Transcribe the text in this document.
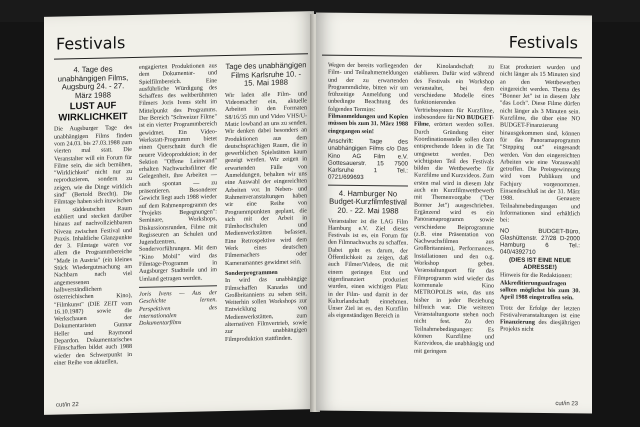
Festivals
4. Tage des unabhängigen Films, Augsburg 24. - 27. März 1988
LUST AUF WIRKLICHKEIT

Die Augsburger Tage des unabhängigen Films finden vom 24.03. bis 27.03.1988 zum vierten mal statt. Die Veranstalter will ein Forum für Filme sein, die sich bemühen, "Wirklichkeit" nicht nur zu reproduzieren, sondern zu zeigen, wie die Dinge wirklich sind" (Bertold Brecht). Die Filmtage haben sich inzwischen im süddeutschen Raum etabliert und stecken darüber hinaus auf nachvollziehbarem Niveau zwischen Festival und Praxis. Inhaltliche Glanzpunkte der 3. Filmtage waren vor allem die Programmbereiche "Made in Austria" (ein kleines Stück Wiedergutmachung am Nachbarn nach viel angemessenen halbverständlichem österreichischen Kino), "Filmkunst" (DIE ZEIT vom 16.10.1987) sowie die Werkschauen der Dokumentaristen Gunnar Heller und Raymond Depardon. Dokumentarisches Filmschaffen bildet auch 1988 wieder den Schwerpunkt in einer Reihe von aktuellen,

engagierten Produktionen aus dem Dokumentar- und Spielfilmbereich. Eine ausführliche Würdigung des Schaffens des weltberühmten Filmers Joris Ivens steht im Mittelpunkt des Programms. Der Bereich "Schweizer Filme" ist ein vierter Programmbereich gewidmet. Ein Video-Werkstatt-Programm bietet einen Querschnitt durch die neuere Videoproduktion; in der Sektion "Offene Leinwand" erhalten Nachwuchsfilmer die Gelegenheit, ihre Arbeiten — auch spontan — zu präsentieren. Besonderer Gewicht liegt auch 1988 wieder auf dem Rahmenprogramm des "Projekts Begegnungen": Seminare, Workshops, Diskussionsrunden, Filme mit Regisseuren an Schulen und Jugendzentren, Sondervorführungen. Mit dem "Kino Mobil" wird das Filmtage-Programm in Augsburger Stadtteile und im Umland getragen werden.

Joris Ivens — Aus der Geschichte lernen. Perspektiven des internationalen Dokumentarfilms

Tage des unabhängigen Films Karlsruhe 10. - 15. Mai 1988

Wir laden alle Film- und Videomacher ein, aktuelle Arbeiten in den Formaten S8/16/35 mm und Video VHS/U-Matic lowband an uns zu senden. Wir denken dabei besonders an Produktionen aus dem deutschsprachigen Raum, die in gewerblichen Spielstätten kaum gezeigt werden. Wir zeigen in erwartenden Fälle von Anmeldungen, behalten wir uns eine Auswahl der eingereichten Arbeiten vor. In Neben- und Rahmenveranstaltungen haben wir eine Reihe von Programmpunkten geplant, die sich mit der Arbeit in Filmhochschulen und Medienwerkstätten befassen. Eine Retrospektive wird dem Werk eines deutschen Filmemachers oder Kameramannes gewidmet sein.

Sonderprogrammen

In wird das unabhängige Filmschaffen Kanadas und Großbritanniens zu sehen sein. Weiterhin sollen Workshops zur Entwicklung von Medienwerkstätten, zum alternativen Filmvertrieb, sowie zur unabhängigen Filmproduktion stattfinden.

cut/in 22
Festivals

Wegen der bereits vorliegenden Film- und Teilnahmemeldungen und der zu erwartenden Programmdichte, bitten wir um frühzeitige Anmeldung und unbedingte Beachtung des folgenden Termins:

Filmanmeldungen und Kopien müssen bis zum 31. März 1988 eingegangen sein!

Anschrift: Tage des unabhängigen Films c/o Das Kino AG Film e.V. Gottesauerstr. 15 7500 Karlsruhe 1 Tel.: 0721/699693

4. Hamburger No Budget-Kurzfilmfestival 20. - 22. Mai 1988

Veranstalter ist die LAG Film Hamburg e.V. Ziel dieses Festivals ist es, ein Forum für den Filmnachwuchs zu schaffen. Dabei geht es darum, der Öffentlichkeit zu zeigen, daß auch Filmer/Videos, die mit einem geringen Etat und eigenfinanziert produziert wurden, einen wichtigen Platz in der Film- und damit in der Kulturlandschaft einnehmen. Unser Ziel ist es, den Kurzfilm als eigenständigen Bereich in

der Kinolandschaft zu etablieren. Dafür wird während des Festivals ein Workshop veranstaltet, bei dem verschiedene Modelle eines funktionierenden Vertriebssystem für Kurzfilme, insbesondere für NO BUDGET-Filme, erörtert werden sollen. Durch Gründung einer Koordinationsstelle sollen dann entsprechende Ideen in die Tat umgesetzt werden. Den wichtigsten Teil des Festivals bilden die Wettbewerbe für Kurzfilme und Kurzvideos. Zum ersten mal wird in diesem Jahr auch ein Kurzfilmwettbewerb mit Themenvorgabe ("Der Bonner Jet") ausgeschrieben. Ergänzend wird es ein Panoramaprogramm sowie verschiedene Beiprogramme (z.B. eine Präsentation von Nachwuchsfilmen aus Großbritannien), Performances, Installationen und den o.g. Workshop geben. Veranstaltungsort für das Filmprogramm wird wieder das kommunale Kino METROPOLIS sein, das uns bisher in jeder Beziehung hilfreich war. Die weiteren Veranstaltungsorte stehen noch nicht fest. Zu den Teilnahmebedingungen: Es können Kurzfilme und Kurzvideos, die unabhängig und mit geringem

Etat produziert wurden und nicht länger als 15 Minuten sind an den Wettbewerben eingereicht werden. Thema des "Bonner Jet" ist in diesem Jahr "das Loch". Diese Filme dürfen nicht länger als 3 Minuten sein. Kurzfilme, die über eine NO BUDGET-Finanzierung hinausgekommen sind, können für das Panoramaprogramm "Stepping out" eingesandt werden. Von den eingereichten Arbeiten wie eine Vorauswahl getroffen. Die Preisgewinnung wird vom Publikum und Fachjury vorgenommen. Einsendeschluß ist der 31. März 1988. Genauere Teilnahmebedingungen und Informationen sind erhältlich bei:

NO BUDGET-Büro, Glashüttenstr. 27/28 D-2000 Hamburg 6 Tel.: 040/4392710

(DIES IST EINE NEUE ADRESSE!)

Hinweis für die Redaktionen:

Akkreditierungsanfragen sollten möglichst bis zum 30. April 1988 eingetroffen sein.

Trotz der Erfolge der letzten Festivalveranstaltungen ist eine Finanzierung des diesjährigen Projekts nicht

cut/in 23
